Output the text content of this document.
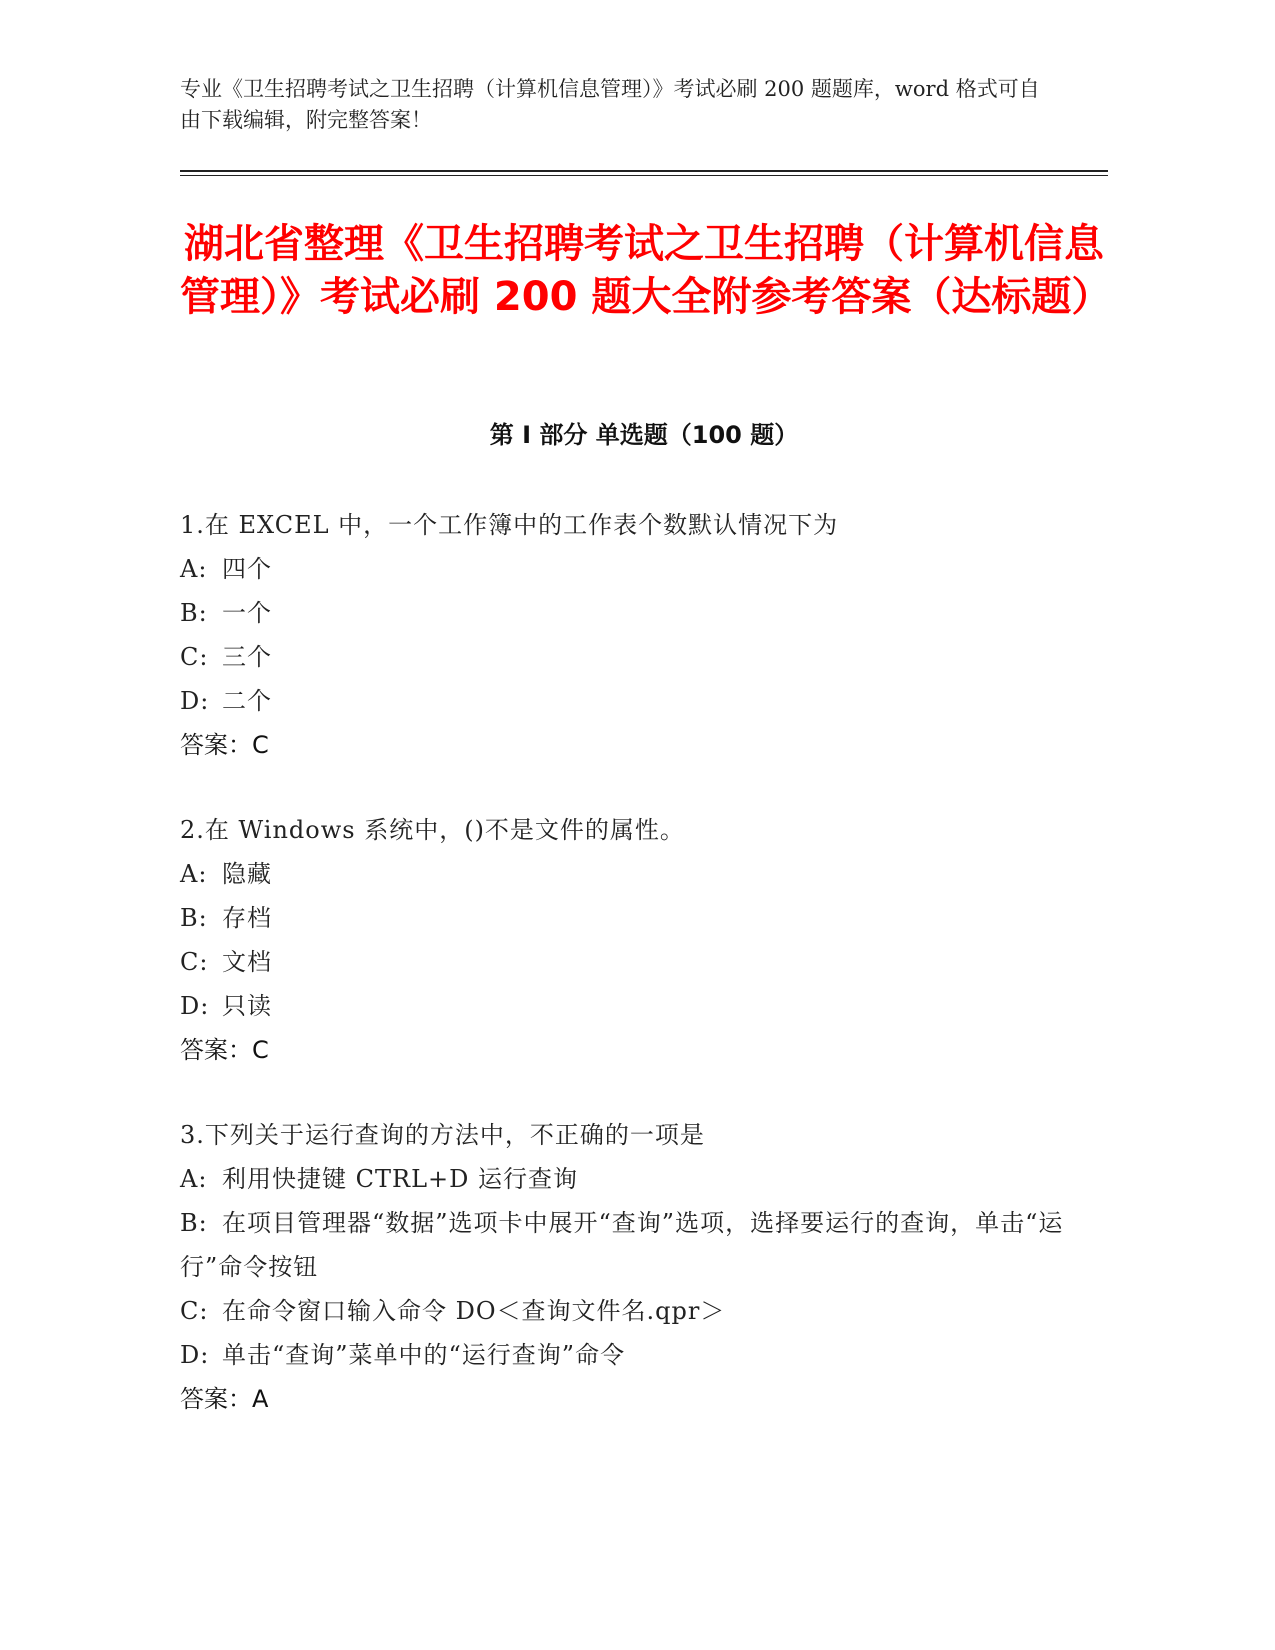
专业《卫生招聘考试之卫生招聘（计算机信息管理）》考试必刷 200 题题库，word 格式可自由下载编辑，附完整答案！
湖北省整理《卫生招聘考试之卫生招聘（计算机信息管理）》考试必刷 200 题大全附参考答案（达标题）
第 I 部分 单选题（100 题）
1.在 EXCEL 中，一个工作簿中的工作表个数默认情况下为
A: 四个
B: 一个
C: 三个
D: 二个
答案：C
2.在 Windows 系统中，()不是文件的属性。
A: 隐藏
B: 存档
C: 文档
D: 只读
答案：C
3.下列关于运行查询的方法中，不正确的一项是
A: 利用快捷键 CTRL+D 运行查询
B: 在项目管理器“数据”选项卡中展开“查询”选项，选择要运行的查询，单击“运行”命令按钮
C: 在命令窗口输入命令 DO＜查询文件名.qpr＞
D: 单击“查询”菜单中的“运行查询”命令
答案：A
